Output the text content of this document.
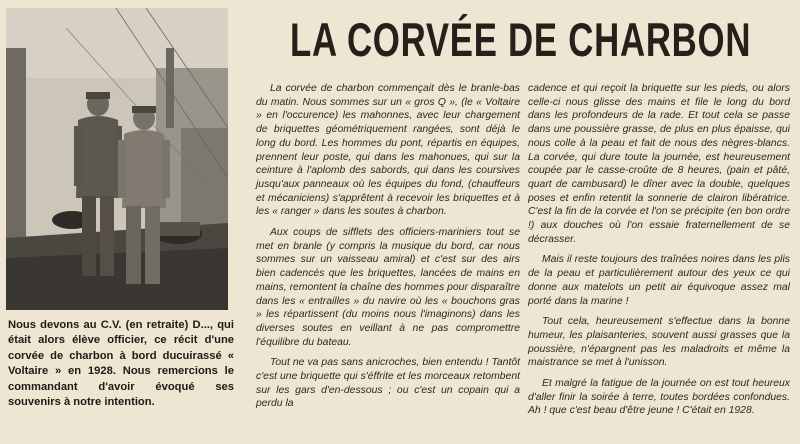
Nous devons au C.V. (en retraite) D..., qui était alors élève officier, ce récit d'une corvée de charbon à bord ducuirassé « Voltaire » en 1928. Nous remercions le commandant d'avoir évoqué ses souvenirs à notre intention.
LA CORVÉE DE CHARBON

La corvée de charbon commençait dès le branle-bas du matin. Nous sommes sur un « gros Q », (le « Voltaire » en l'occurence) les mahonnes, avec leur chargement de briquettes géométriquement rangées, sont déjà le long du bord. Les hommes du pont, répartis en équipes, prennent leur poste, qui dans les mahonues, qui sur la ceinture à l'aplomb des sabords, qui dans les coursives jusqu'aux panneaux où les équipes du fond, (chauffeurs et mécaniciens) s'apprêtent à recevoir les briquettes et à les « ranger » dans les soutes à charbon.

Aux coups de sifflets des officiers-mariniers tout se met en branle (y compris la musique du bord, car nous sommes sur un vaisseau amiral) et c'est sur des airs bien cadencés que les briquettes, lancées de mains en mains, remontent la chaîne des hommes pour disparaître dans les « entrailles » du navire où les « bouchons gras » les répartissent (du moins nous l'imaginons) dans les diverses soutes en veillant à ne pas compromettre l'équilibre du bateau.

Tout ne va pas sans anicroches, bien entendu ! Tantôt c'est une briquette qui s'éffrite et les morceaux retombent sur les gars d'en-dessous ; ou c'est un copain qui a perdu la

cadence et qui reçoit la briquette sur les pieds, ou alors celle-ci nous glisse des mains et file le long du bord dans les profondeurs de la rade. Et tout cela se passe dans une poussière grasse, de plus en plus épaisse, qui nous colle à la peau et fait de nous des nègres-blancs. La corvée, qui dure toute la journée, est heureusement coupée par le casse-croûte de 8 heures, (pain et pâté, quart de cambusard) le dîner avec la double, quelques poses et enfin retentit la sonnerie de clairon libératrice. C'est la fin de la corvée et l'on se précipite (en bon ordre !) aux douches où l'on essaie fraternellement de se décrasser.

Mais il reste toujours des traînées noires dans les plis de la peau et particulièrement autour des yeux ce qui donne aux matelots un petit air équivoque assez mal porté dans la marine !

Tout cela, heureusement s'effectue dans la bonne humeur, les plaisanteries, souvent aussi grasses que la poussière, n'épargnent pas les maladroits et même la maistrance se met à l'unisson.

Et malgré la fatigue de la journée on est tout heureux d'aller finir la soirée à terre, toutes bordées confondues. Ah ! que c'est beau d'être jeune ! C'était en 1928.
